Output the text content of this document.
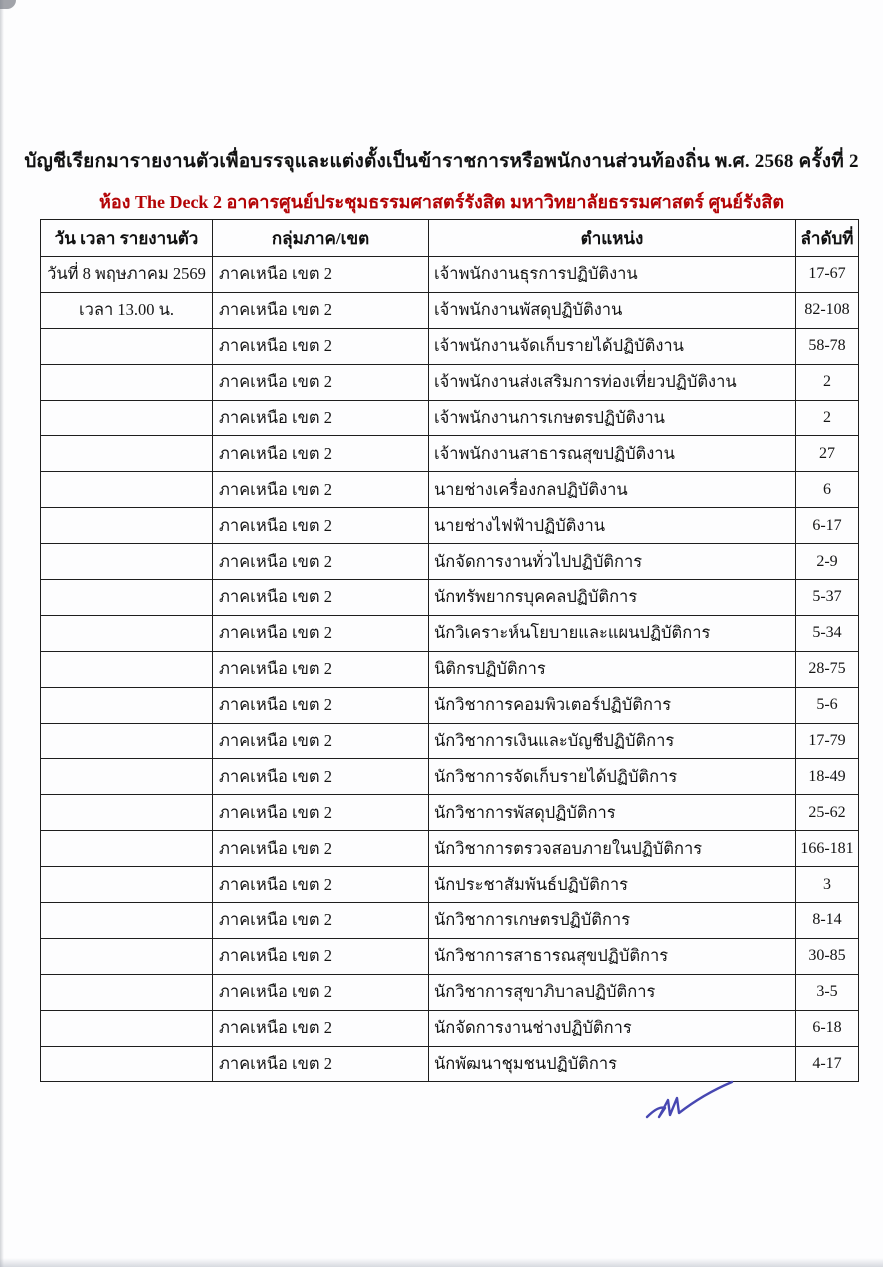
บัญชีเรียกมารายงานตัวเพื่อบรรจุและแต่งตั้งเป็นข้าราชการหรือพนักงานส่วนท้องถิ่น พ.ศ. 2568 ครั้งที่ 2
ห้อง The Deck 2 อาคารศูนย์ประชุมธรรมศาสตร์รังสิต มหาวิทยาลัยธรรมศาสตร์ ศูนย์รังสิต
วัน เวลา รายงานตัว	กลุ่มภาค/เขต	ตำแหน่ง	ลำดับที่
วันที่ 8 พฤษภาคม 2569	ภาคเหนือ เขต 2	เจ้าพนักงานธุรการปฏิบัติงาน	17-67
เวลา 13.00 น.	ภาคเหนือ เขต 2	เจ้าพนักงานพัสดุปฏิบัติงาน	82-108
	ภาคเหนือ เขต 2	เจ้าพนักงานจัดเก็บรายได้ปฏิบัติงาน	58-78
	ภาคเหนือ เขต 2	เจ้าพนักงานส่งเสริมการท่องเที่ยวปฏิบัติงาน	2
	ภาคเหนือ เขต 2	เจ้าพนักงานการเกษตรปฏิบัติงาน	2
	ภาคเหนือ เขต 2	เจ้าพนักงานสาธารณสุขปฏิบัติงาน	27
	ภาคเหนือ เขต 2	นายช่างเครื่องกลปฏิบัติงาน	6
	ภาคเหนือ เขต 2	นายช่างไฟฟ้าปฏิบัติงาน	6-17
	ภาคเหนือ เขต 2	นักจัดการงานทั่วไปปฏิบัติการ	2-9
	ภาคเหนือ เขต 2	นักทรัพยากรบุคคลปฏิบัติการ	5-37
	ภาคเหนือ เขต 2	นักวิเคราะห์นโยบายและแผนปฏิบัติการ	5-34
	ภาคเหนือ เขต 2	นิติกรปฏิบัติการ	28-75
	ภาคเหนือ เขต 2	นักวิชาการคอมพิวเตอร์ปฏิบัติการ	5-6
	ภาคเหนือ เขต 2	นักวิชาการเงินและบัญชีปฏิบัติการ	17-79
	ภาคเหนือ เขต 2	นักวิชาการจัดเก็บรายได้ปฏิบัติการ	18-49
	ภาคเหนือ เขต 2	นักวิชาการพัสดุปฏิบัติการ	25-62
	ภาคเหนือ เขต 2	นักวิชาการตรวจสอบภายในปฏิบัติการ	166-181
	ภาคเหนือ เขต 2	นักประชาสัมพันธ์ปฏิบัติการ	3
	ภาคเหนือ เขต 2	นักวิชาการเกษตรปฏิบัติการ	8-14
	ภาคเหนือ เขต 2	นักวิชาการสาธารณสุขปฏิบัติการ	30-85
	ภาคเหนือ เขต 2	นักวิชาการสุขาภิบาลปฏิบัติการ	3-5
	ภาคเหนือ เขต 2	นักจัดการงานช่างปฏิบัติการ	6-18
	ภาคเหนือ เขต 2	นักพัฒนาชุมชนปฏิบัติการ	4-17
